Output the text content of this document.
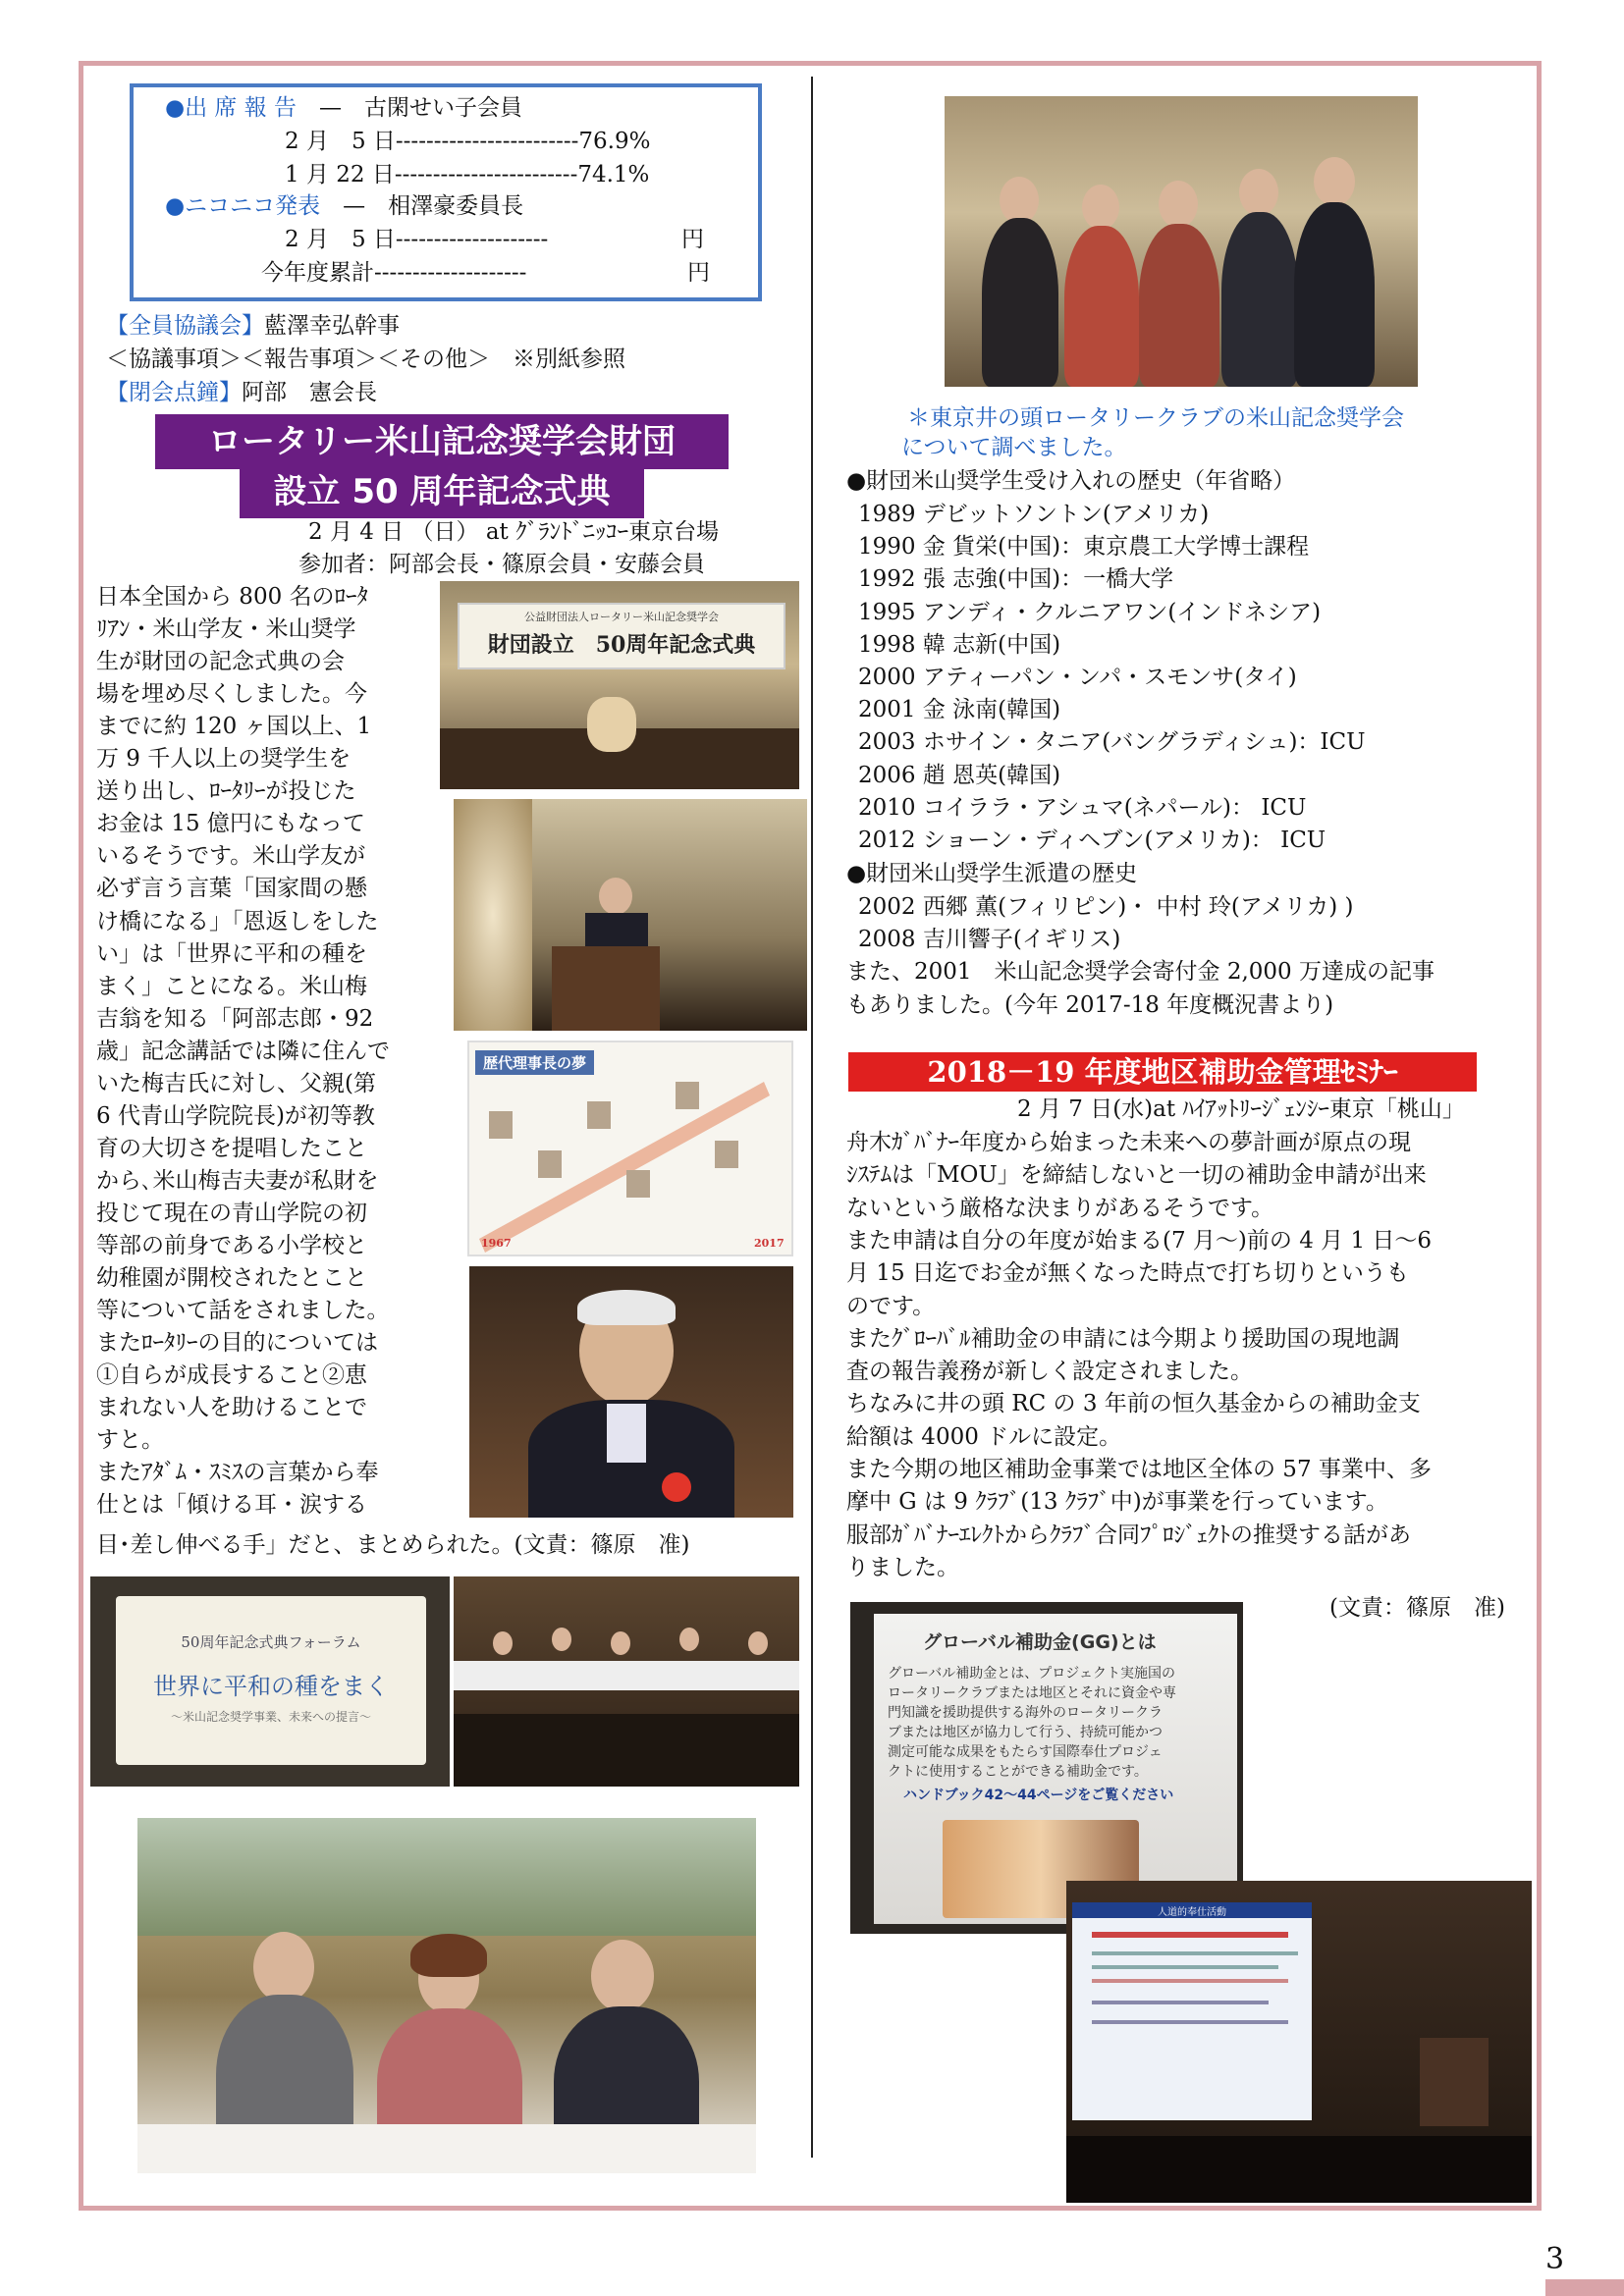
●出 席 報 告　 —　 古閑せい子会員
2 月　5 日------------------------76.9%
1 月 22 日------------------------74.1%
●ニコニコ発表　 —　 相澤豪委員長
2 月　5 日--------------------	円
今年度累計--------------------	円
【全員協議会】藍澤幸弘幹事
＜協議事項＞＜報告事項＞＜その他＞　※別紙参照
【閉会点鐘】阿部　憲会長
ロータリー米山記念奨学会財団
設立 50 周年記念式典
2 月 4 日 （日） at ｸﾞﾗﾝﾄﾞﾆｯｺｰ東京台場
参加者：阿部会長・篠原会員・安藤会員
日本全国から 800 名のﾛｰﾀ
ﾘｱﾝ・米山学友・米山奨学
生が財団の記念式典の会
場を埋め尽くしました。今
までに約 120 ヶ国以上、1
万 9 千人以上の奨学生を
送り出し、ﾛｰﾀﾘｰが投じた
お金は 15 億円にもなって
いるそうです。米山学友が
必ず言う言葉「国家間の懸
け橋になる」「恩返しをした
い」は「世界に平和の種を
まく」ことになる。米山梅
吉翁を知る「阿部志郎・92
歳」記念講話では隣に住んで
いた梅吉氏に対し、父親(第
6 代青山学院院長)が初等教
育の大切さを提唱したこと
から､米山梅吉夫妻が私財を
投じて現在の青山学院の初
等部の前身である小学校と
幼稚園が開校されたとこと
等について話をされました。
またﾛｰﾀﾘｰの目的については
①自らが成長すること②恵
まれない人を助けることで
すと。
またｱﾀﾞﾑ・ｽﾐｽの言葉から奉
仕とは「傾ける耳・涙する
目･差し伸べる手」だと、まとめられた。(文責：篠原　准)
公益財団法人ロータリー米山記念奨学会
財団設立　50周年記念式典
歴代理事長の夢
1967	2017
50周年記念式典フォーラム
世界に平和の種をまく
～米山記念奨学事業、未来への提言～
＊東京井の頭ロータリークラブの米山記念奨学会
について調べました。
●財団米山奨学生受け入れの歴史（年省略）
1989 デビットソントン(アメリカ)
1990 金 貨栄(中国)：東京農工大学博士課程
1992 張 志強(中国)：一橋大学
1995 アンディ・クルニアワン(インドネシア)
1998 韓 志新(中国)
2000 アティーパン・ンパ・スモンサ(タイ)
2001 金 泳南(韓国)
2003 ホサイン・タニア(バングラディシュ)：ICU
2006 趙 恩英(韓国)
2010 コイララ・アシュマ(ネパール)： ICU
2012 ショーン・ディヘブン(アメリカ)： ICU
●財団米山奨学生派遣の歴史
2002 西郷 薫(フィリピン)・ 中村 玲(アメリカ) )
2008 吉川響子(イギリス)
また、2001　米山記念奨学会寄付金 2,000 万達成の記事
もありました。(今年 2017-18 年度概況書より)
2018－19 年度地区補助金管理ｾﾐﾅｰ
2 月 7 日(水)at ﾊｲｱｯﾄﾘｰｼﾞｪﾝｼｰ東京「桃山」
舟木ｶﾞﾊﾞﾅｰ年度から始まった未来への夢計画が原点の現
ｼｽﾃﾑは「MOU」を締結しないと一切の補助金申請が出来
ないという厳格な決まりがあるそうです。
また申請は自分の年度が始まる(7 月～)前の 4 月 1 日～6
月 15 日迄でお金が無くなった時点で打ち切りというも
のです。
またｸﾞﾛｰﾊﾞﾙ補助金の申請には今期より援助国の現地調
査の報告義務が新しく設定されました。
ちなみに井の頭 RC の 3 年前の恒久基金からの補助金支
給額は 4000 ドルに設定。
また今期の地区補助金事業では地区全体の 57 事業中、多
摩中 G は 9 ｸﾗﾌﾞ(13 ｸﾗﾌﾞ中)が事業を行っています。
服部ｶﾞﾊﾞﾅｰｴﾚｸﾄからｸﾗﾌﾞ合同ﾌﾟﾛｼﾞｪｸﾄの推奨する話があ
りました。
(文責：篠原　准)
グローバル補助金(GG)とは
グローバル補助金とは、プロジェクト実施国の
ロータリークラブまたは地区とそれに資金や専
門知識を援助提供する海外のロータリークラ
ブまたは地区が協力して行う、持続可能かつ
測定可能な成果をもたらす国際奉仕プロジェ
クトに使用することができる補助金です。
ハンドブック42～44ページをご覧ください
人道的奉仕活動
3
